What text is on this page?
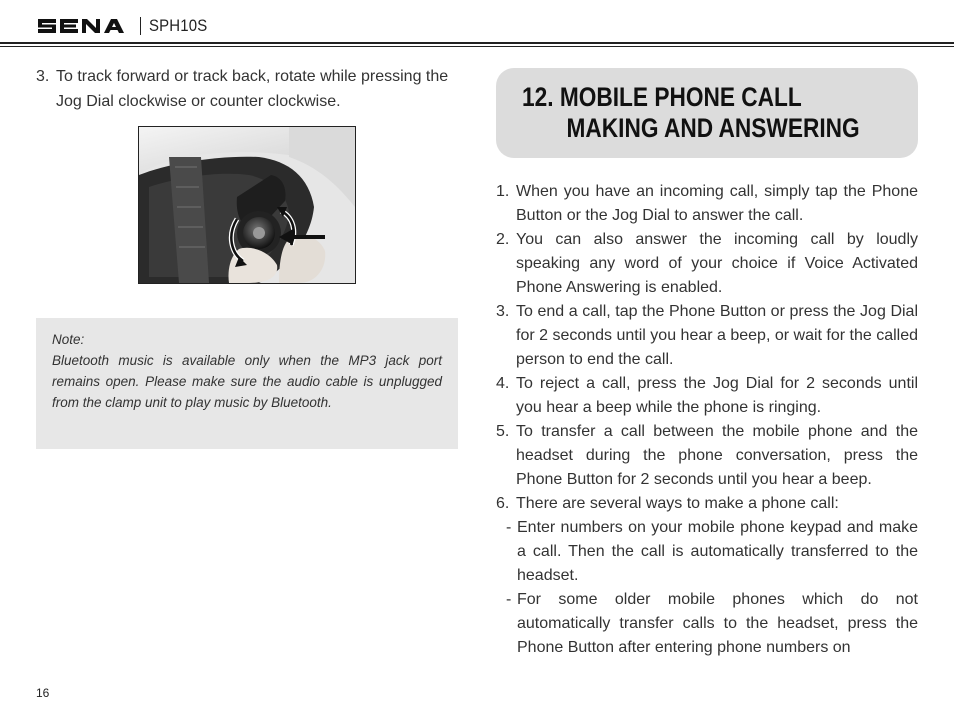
SPH10S
3. To track forward or track back, rotate while pressing the Jog Dial clockwise or counter clockwise.

Note:

Bluetooth music is available only when the MP3 jack port remains open. Please make sure the audio cable is unplugged from the clamp unit to play music by Bluetooth.

16
12. MOBILE PHONE CALL
MAKING AND ANSWERING
1. When you have an incoming call, simply tap the Phone Button or the Jog Dial to answer the call.
2. You can also answer the incoming call by loudly speaking any word of your choice if Voice Activated Phone Answering is enabled.
3. To end a call, tap the Phone Button or press the Jog Dial for 2 seconds until you hear a beep, or wait for the called person to end the call.
4. To reject a call, press the Jog Dial for 2 seconds until you hear a beep while the phone is ringing.
5. To transfer a call between the mobile phone and the headset during the phone conversation, press the Phone Button for 2 seconds until you hear a beep.
6. There are several ways to make a phone call:
- Enter numbers on your mobile phone keypad and make a call. Then the call is automatically transferred to the headset.
- For some older mobile phones which do not automatically transfer calls to the headset, press the Phone Button after entering phone numbers on
